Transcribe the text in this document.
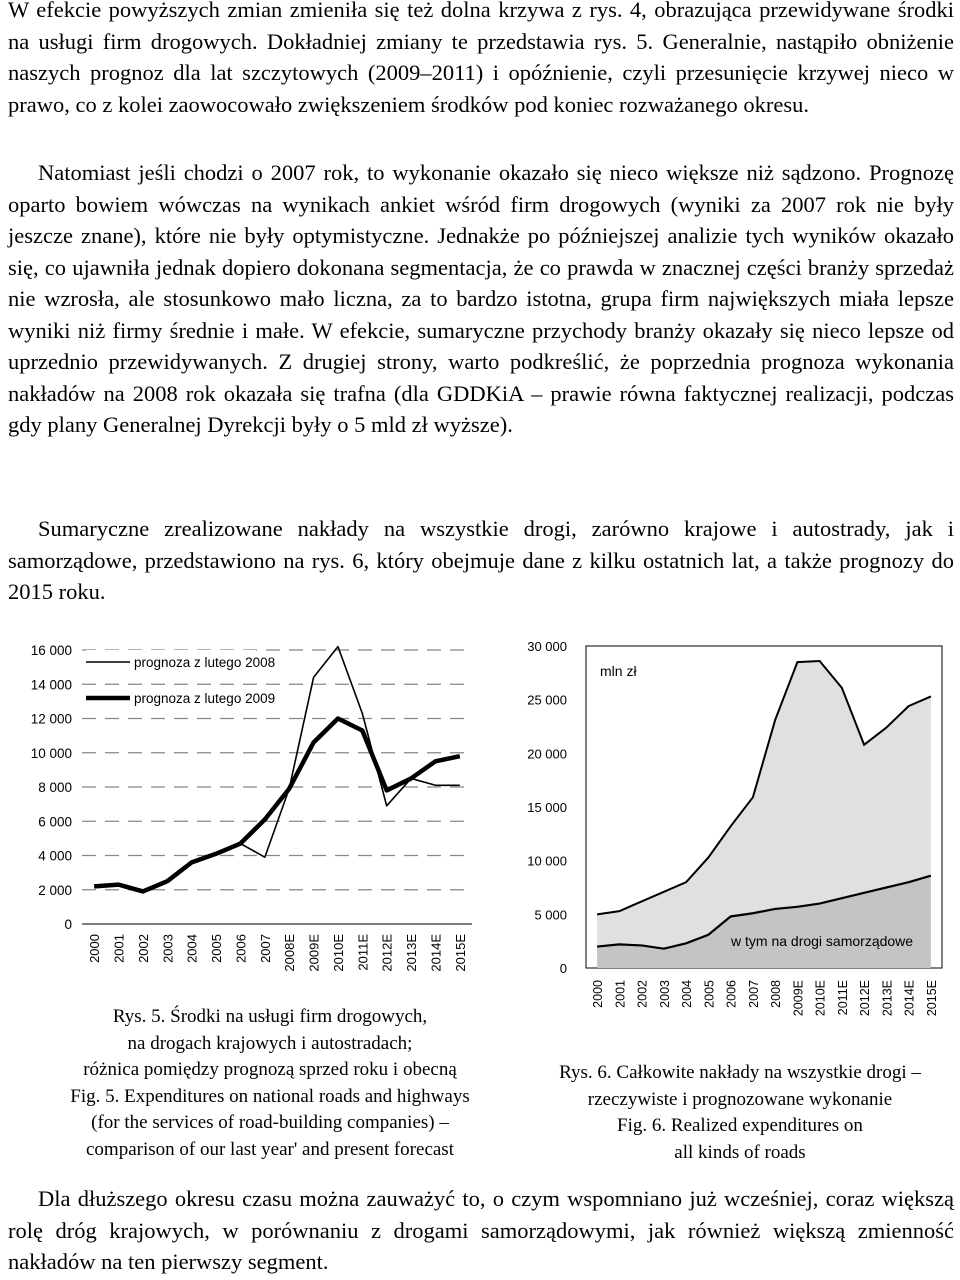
W efekcie powyższych zmian zmieniła się też dolna krzywa z rys. 4, obrazująca przewidywane środki na usługi firm drogowych. Dokładniej zmiany te przedstawia rys. 5. Generalnie, nastąpiło obniżenie naszych prognoz dla lat szczytowych (2009–2011) i opóźnienie, czyli przesunięcie krzywej nieco w prawo, co z kolei zaowocowało zwiększeniem środków pod koniec rozważanego okresu.

Natomiast jeśli chodzi o 2007 rok, to wykonanie okazało się nieco większe niż sądzono. Prognozę oparto bowiem wówczas na wynikach ankiet wśród firm drogowych (wyniki za 2007 rok nie były jeszcze znane), które nie były optymistyczne. Jednakże po późniejszej analizie tych wyników okazało się, co ujawniła jednak dopiero dokonana segmentacja, że co prawda w znacznej części branży sprzedaż nie wzrosła, ale stosunkowo mało liczna, za to bardzo istotna, grupa firm największych miała lepsze wyniki niż firmy średnie i małe. W efekcie, sumaryczne przychody branży okazały się nieco lepsze od uprzednio przewidywanych. Z drugiej strony, warto podkreślić, że poprzednia prognoza wykonania nakładów na 2008 rok okazała się trafna (dla GDDKiA – prawie równa faktycznej realizacji, podczas gdy plany Generalnej Dyrekcji były o 5 mld zł wyższe).

Sumaryczne zrealizowane nakłady na wszystkie drogi, zarówno krajowe i autostrady, jak i samorządowe, przedstawiono na rys. 6, który obejmuje dane z kilku ostatnich lat, a także prognozy do 2015 roku.

0
2 000
4 000
6 000
8 000
10 000
12 000
14 000
16 000
2000 2001 2002 2003 2004 2005 2006 2007 2008E 2009E 2010E 2011E 2012E 2013E 2014E 2015E
prognoza z lutego 2008
prognoza z lutego 2009
0
5 000
10 000
15 000
20 000
25 000
30 000
mln zł
w tym na drogi samorządowe
2000 2001 2002 2003 2004 2005 2006 2007 2008 2009E 2010E 2011E 2012E 2013E 2014E 2015E
Rys. 5. Środki na usługi firm drogowych,
na drogach krajowych i autostradach;
różnica pomiędzy prognozą sprzed roku i obecną
Fig. 5. Expenditures on national roads and highways
(for the services of road-building companies) –
comparison of our last year' and present forecast
Rys. 6. Całkowite nakłady na wszystkie drogi –
rzeczywiste i prognozowane wykonanie
Fig. 6. Realized expenditures on
all kinds of roads

Dla dłuższego okresu czasu można zauważyć to, o czym wspomniano już wcześniej, coraz większą rolę dróg krajowych, w porównaniu z drogami samorządowymi, jak również większą zmienność nakładów na ten pierwszy segment.
